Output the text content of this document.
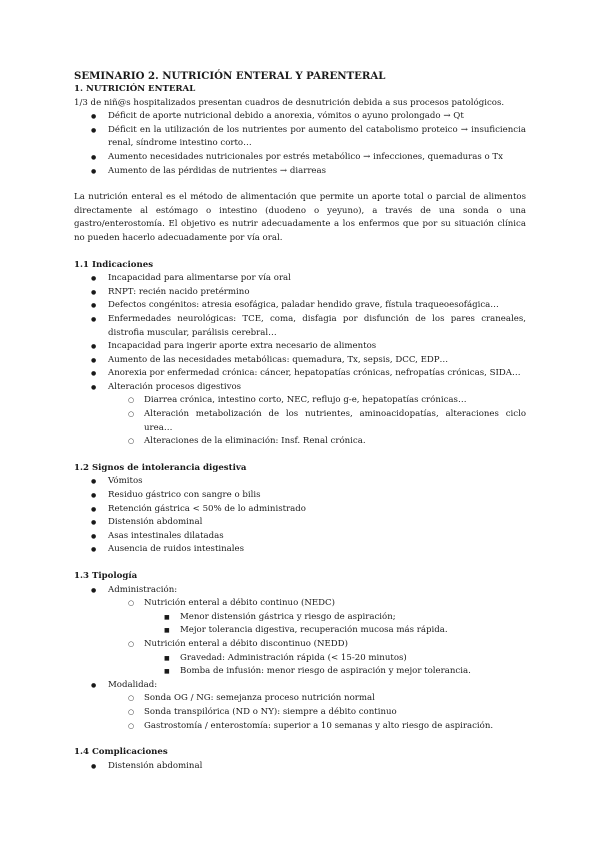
SEMINARIO 2. NUTRICIÓN ENTERAL Y PARENTERAL

1. NUTRICIÓN ENTERAL

1/3 de niñ@s hospitalizados presentan cuadros de desnutrición debida a sus procesos patológicos.

● Déficit de aporte nutricional debido a anorexia, vómitos o ayuno prolongado → Qt
● Déficit en la utilización de los nutrientes por aumento del catabolismo proteico → insuficiencia renal, síndrome intestino corto…
● Aumento necesidades nutricionales por estrés metabólico → infecciones, quemaduras o Tx
● Aumento de las pérdidas de nutrientes → diarreas

La nutrición enteral es el método de alimentación que permite un aporte total o parcial de alimentos directamente al estómago o intestino (duodeno o yeyuno), a través de una sonda o una gastro/enterostomía. El objetivo es nutrir adecuadamente a los enfermos que por su situación clínica no pueden hacerlo adecuadamente por vía oral.

1.1 Indicaciones

● Incapacidad para alimentarse por vía oral
● RNPT: recién nacido pretérmino
● Defectos congénitos: atresia esofágica, paladar hendido grave, fístula traqueoesofágica…
● Enfermedades neurológicas: TCE, coma, disfagia por disfunción de los pares craneales, distrofia muscular, parálisis cerebral…
● Incapacidad para ingerir aporte extra necesario de alimentos
● Aumento de las necesidades metabólicas: quemadura, Tx, sepsis, DCC, EDP…
● Anorexia por enfermedad crónica: cáncer, hepatopatías crónicas, nefropatías crónicas, SIDA…
● Alteración procesos digestivos
○ Diarrea crónica, intestino corto, NEC, reflujo g-e, hepatopatías crónicas…
○ Alteración metabolización de los nutrientes, aminoacidopatías, alteraciones ciclo urea…
○ Alteraciones de la eliminación: Insf. Renal crónica.

1.2 Signos de intolerancia digestiva

● Vómitos
● Residuo gástrico con sangre o bilis
● Retención gástrica < 50% de lo administrado
● Distensión abdominal
● Asas intestinales dilatadas
● Ausencia de ruidos intestinales

1.3 Tipología

● Administración:
○ Nutrición enteral a débito continuo (NEDC)
■ Menor distensión gástrica y riesgo de aspiración;
■ Mejor tolerancia digestiva, recuperación mucosa más rápida.
○ Nutrición enteral a débito discontinuo (NEDD)
■ Gravedad: Administración rápida (< 15-20 minutos)
■ Bomba de infusión: menor riesgo de aspiración y mejor tolerancia.
● Modalidad:
○ Sonda OG / NG: semejanza proceso nutrición normal
○ Sonda transpilórica (ND o NY): siempre a débito continuo
○ Gastrostomía / enterostomía: superior a 10 semanas y alto riesgo de aspiración.

1.4 Complicaciones

● Distensión abdominal
